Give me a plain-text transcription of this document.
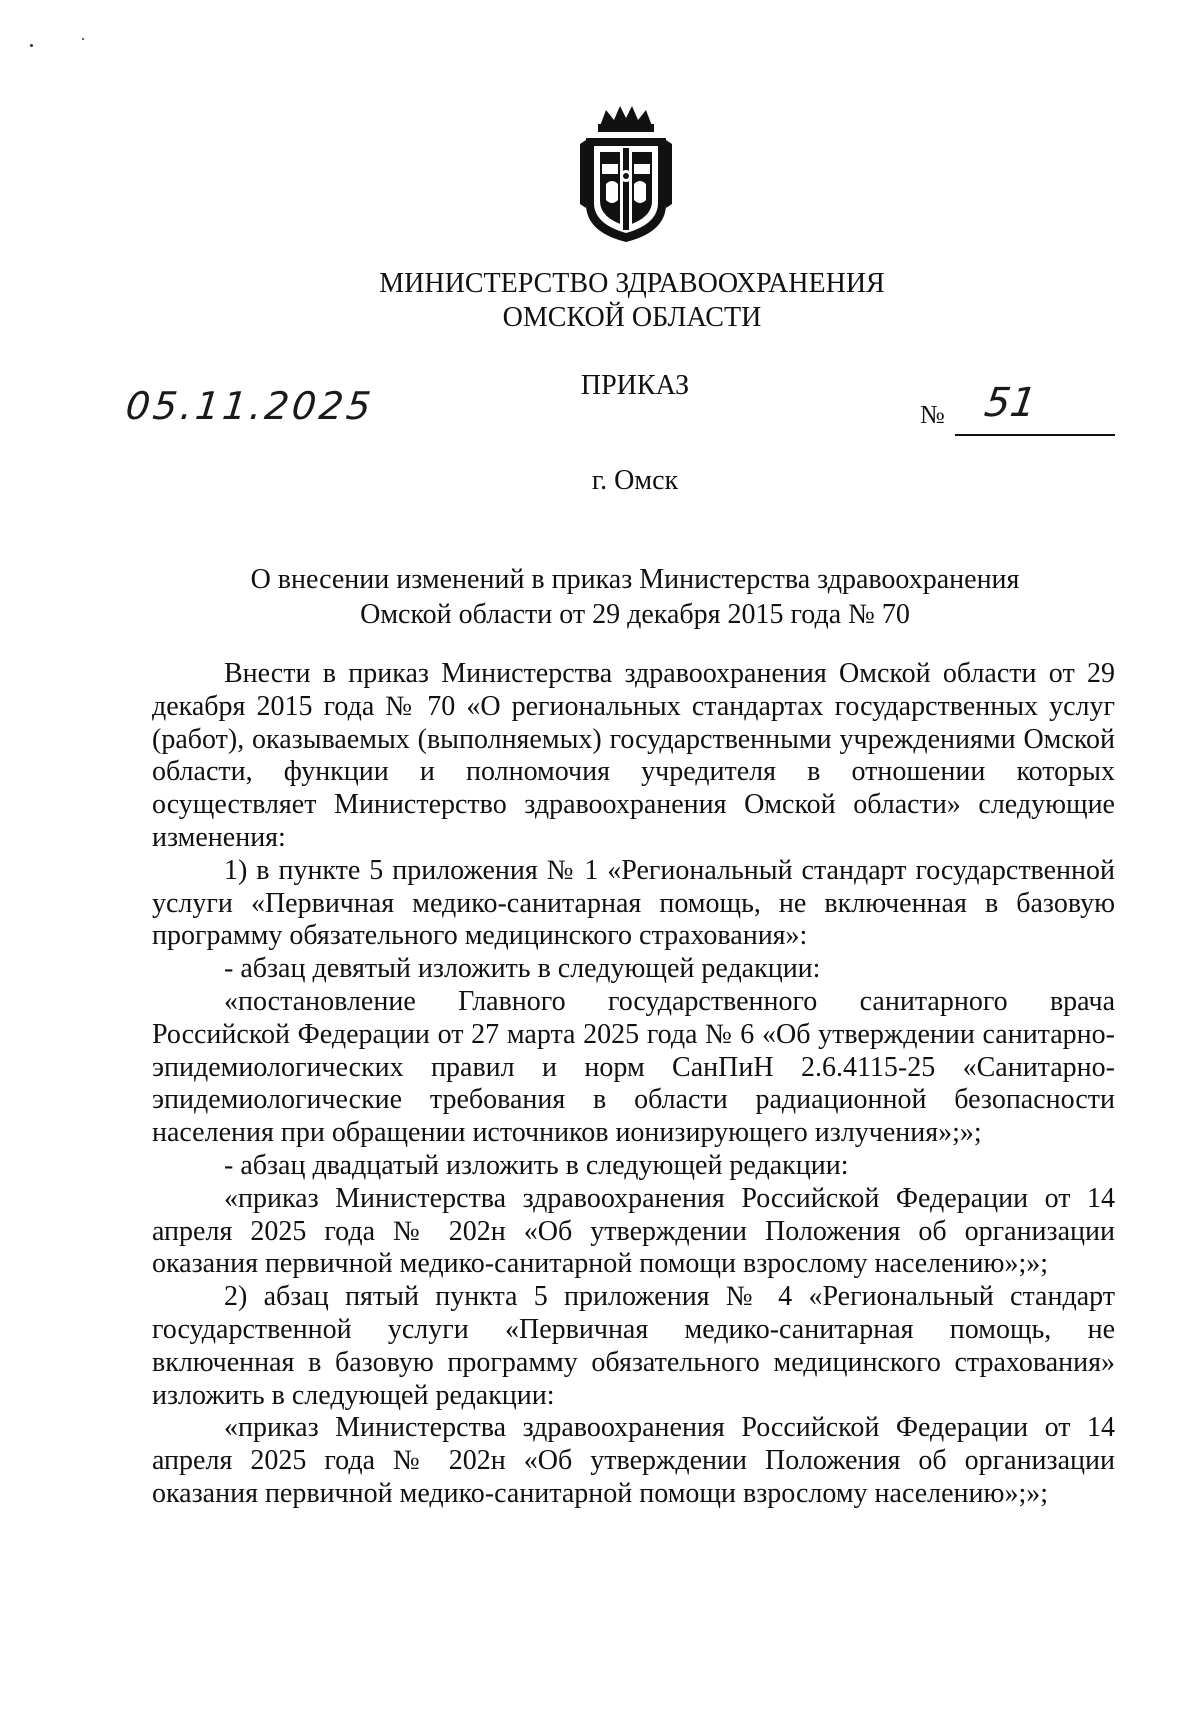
МИНИСТЕРСТВО ЗДРАВООХРАНЕНИЯ
ОМСКОЙ ОБЛАСТИ
ПРИКАЗ
05.11.2025	№ 51
г. Омск
О внесении изменений в приказ Министерства здравоохранения
Омской области от 29 декабря 2015 года № 70

Внести в приказ Министерства здравоохранения Омской области от 29 декабря 2015 года № 70 «О региональных стандартах государственных услуг (работ), оказываемых (выполняемых) государственными учреждениями Омской области, функции и полномочия учредителя в отношении которых осуществляет Министерство здравоохранения Омской области» следующие изменения:

1) в пункте 5 приложения № 1 «Региональный стандарт государственной услуги «Первичная медико-санитарная помощь, не включенная в базовую программу обязательного медицинского страхования»:

- абзац девятый изложить в следующей редакции:

«постановление Главного государственного санитарного врача Российской Федерации от 27 марта 2025 года № 6 «Об утверждении санитарно-эпидемиологических правил и норм СанПиН 2.6.4115-25 «Санитарно-эпидемиологические требования в области радиационной безопасности населения при обращении источников ионизирующего излучения»;»;

- абзац двадцатый изложить в следующей редакции:

«приказ Министерства здравоохранения Российской Федерации от 14 апреля 2025 года № 202н «Об утверждении Положения об организации оказания первичной медико-санитарной помощи взрослому населению»;»;

2) абзац пятый пункта 5 приложения № 4 «Региональный стандарт государственной услуги «Первичная медико-санитарная помощь, не включенная в базовую программу обязательного медицинского страхования» изложить в следующей редакции:

«приказ Министерства здравоохранения Российской Федерации от 14 апреля 2025 года № 202н «Об утверждении Положения об организации оказания первичной медико-санитарной помощи взрослому населению»;»;
